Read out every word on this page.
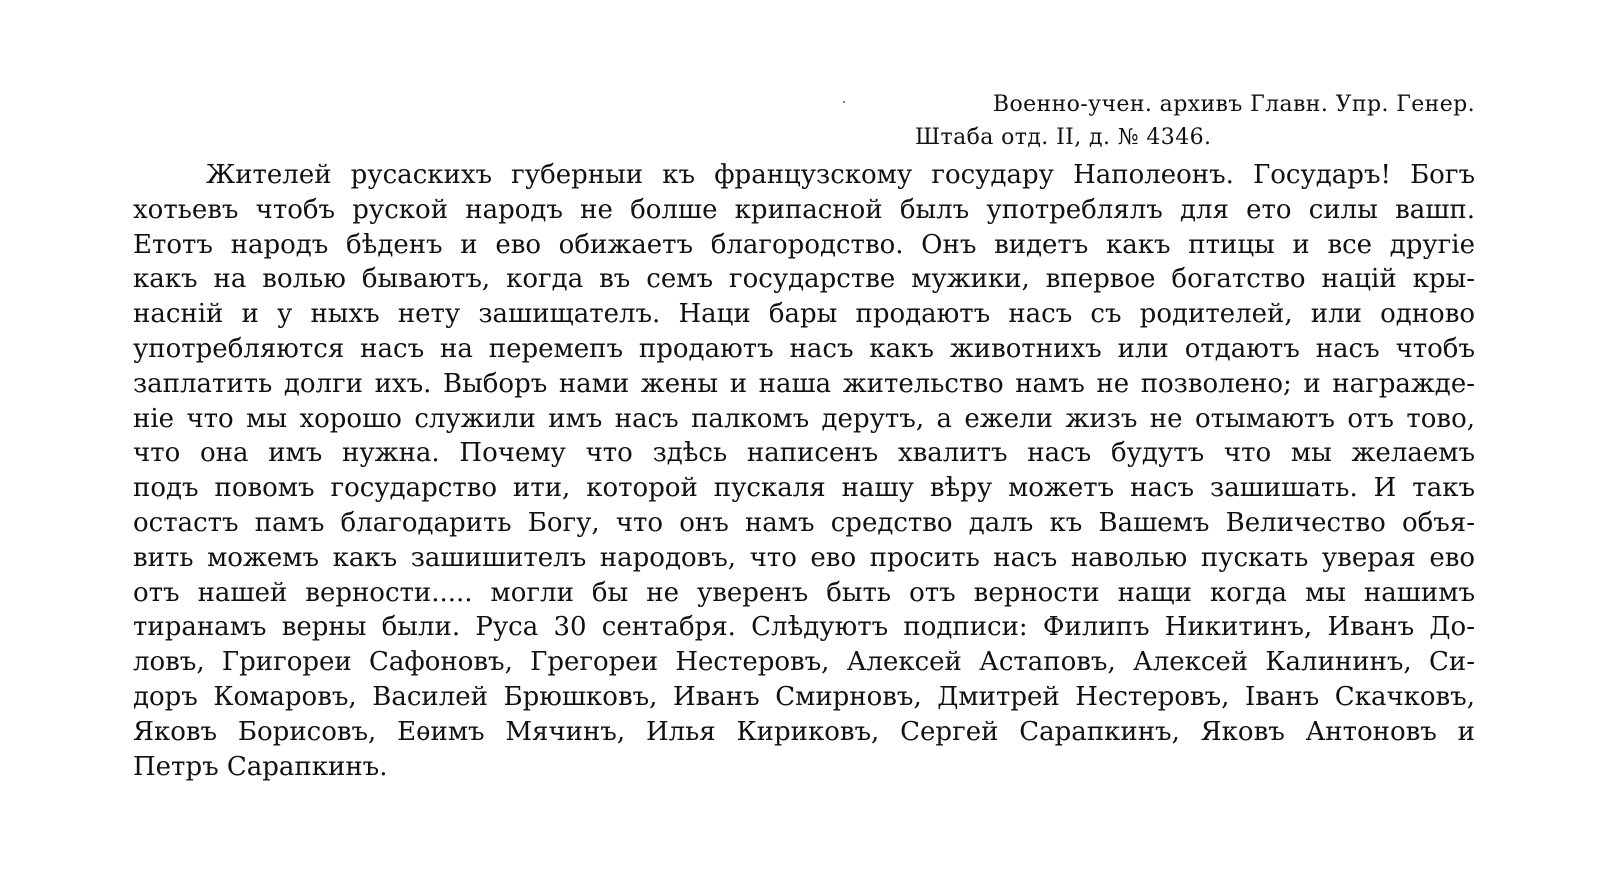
Военно-учен. архивъ Главн. Упр. Генер.
Штаба отд. II, д. № 4346.
Жителей русаскихъ губерныи къ французскому государу Наполеонъ. Государъ! Богъ
хотьевъ чтобъ руской народъ не болше крипасной былъ употреблялъ для ето силы вашп.
Етотъ народъ бѣденъ и ево обижаетъ благородство. Онъ видетъ какъ птицы и все другіе
какъ на волью бываютъ, когда въ семъ государстве мужики, впервое богатство націй кры-
насній и у ныхъ нету зашищателъ. Наци бары продаютъ насъ съ родителей, или одново
употребляются насъ на перемепъ продаютъ насъ какъ животнихъ или отдаютъ насъ чтобъ
заплатить долги ихъ. Выборъ нами жены и наша жительство намъ не позволено; и награжде-
ніе что мы хорошо служили имъ насъ палкомъ дерутъ, а ежели жизъ не отымаютъ отъ тово,
что она имъ нужна. Почему что здѣсь написенъ хвалитъ насъ будутъ что мы желаемъ
подъ повомъ государство ити, которой пускаля нашу вѣру можетъ насъ зашишать. И такъ
остастъ памъ благодарить Богу, что онъ намъ средство далъ къ Вашемъ Величество объя-
вить можемъ какъ зашишителъ народовъ, что ево просить насъ наволью пускать уверая ево
отъ нашей верности..... могли бы не уверенъ быть отъ верности нащи когда мы нашимъ
тиранамъ верны были. Руса 30 сентабря. Слѣдуютъ подписи: Филипъ Никитинъ, Иванъ До-
ловъ, Григореи Сафоновъ, Грегореи Нестеровъ, Алексей Астаповъ, Алексей Калининъ, Си-
доръ Комаровъ, Василей Брюшковъ, Иванъ Смирновъ, Дмитрей Нестеровъ, Іванъ Скачковъ,
Яковъ Борисовъ, Еѳимъ Мячинъ, Илья Кириковъ, Сергей Сарапкинъ, Яковъ Антоновъ и
Петръ Сарапкинъ.
